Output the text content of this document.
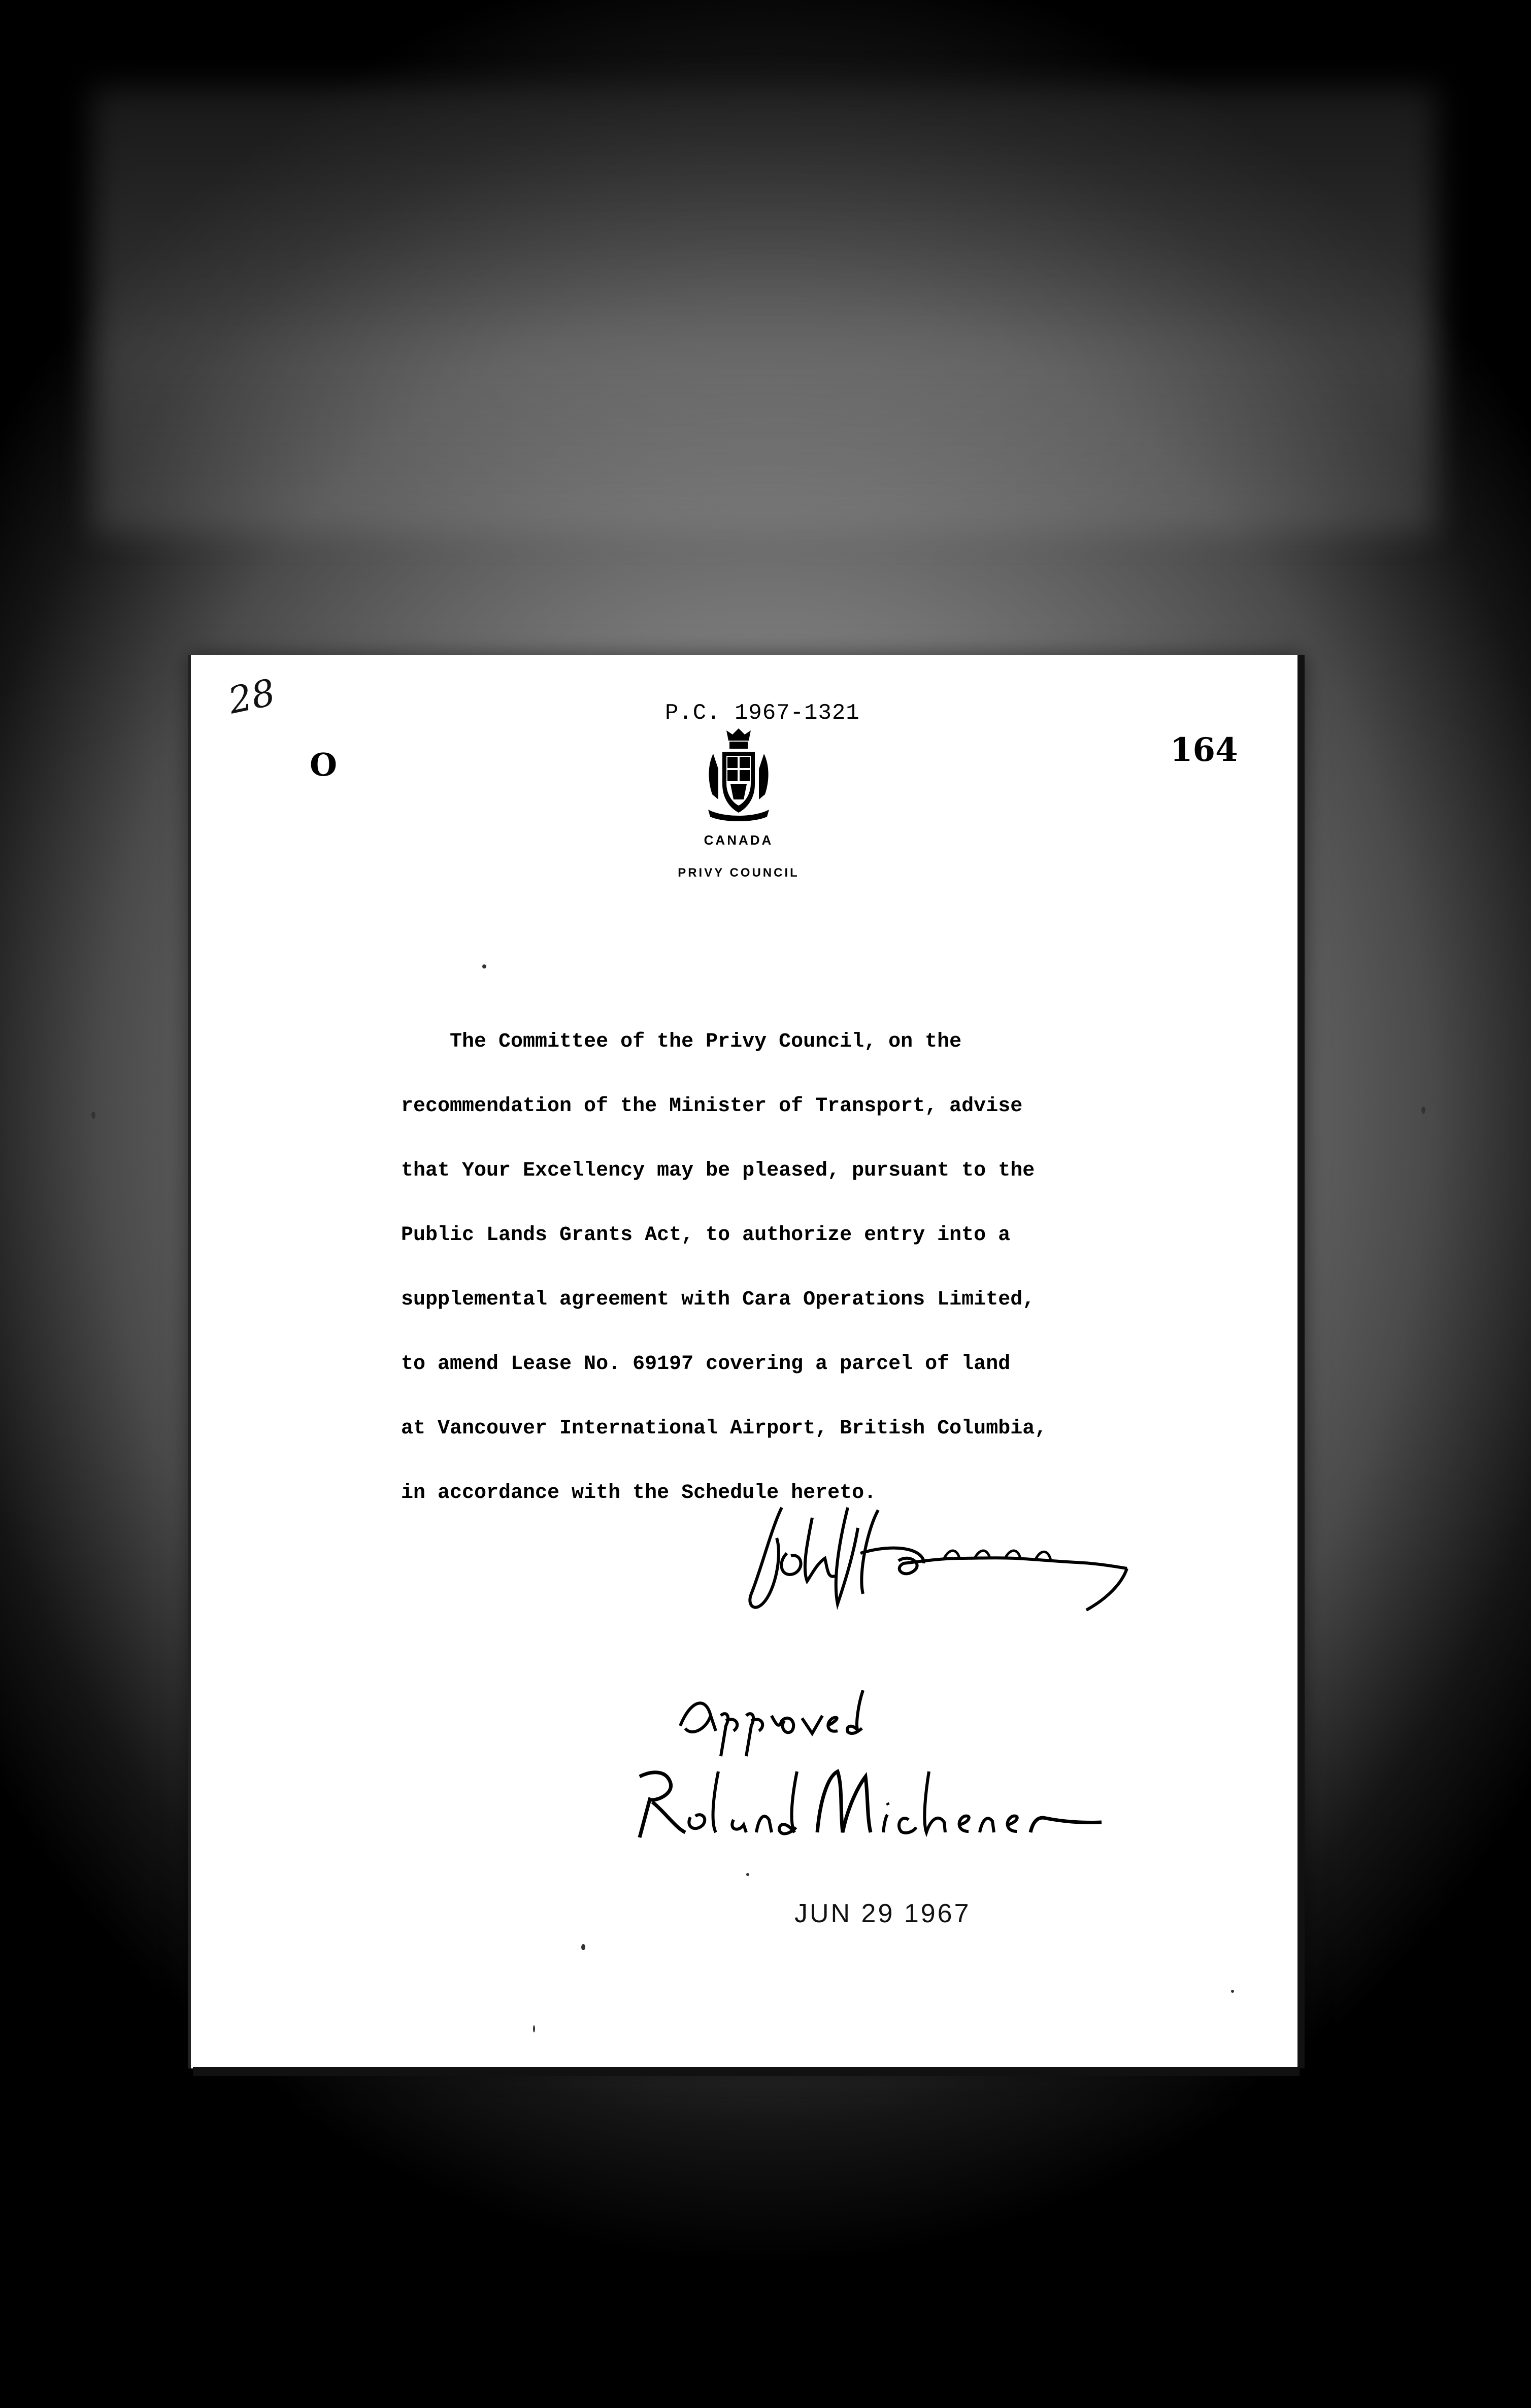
28
O
P.C. 1967-1321
164
CANADA
PRIVY COUNCIL
The Committee of the Privy Council, on the
recommendation of the Minister of Transport, advise
that Your Excellency may be pleased, pursuant to the
Public Lands Grants Act, to authorize entry into a
supplemental agreement with Cara Operations Limited,
to amend Lease No. 69197 covering a parcel of land
at Vancouver International Airport, British Columbia,
in accordance with the Schedule hereto.
JUN 29 1967
